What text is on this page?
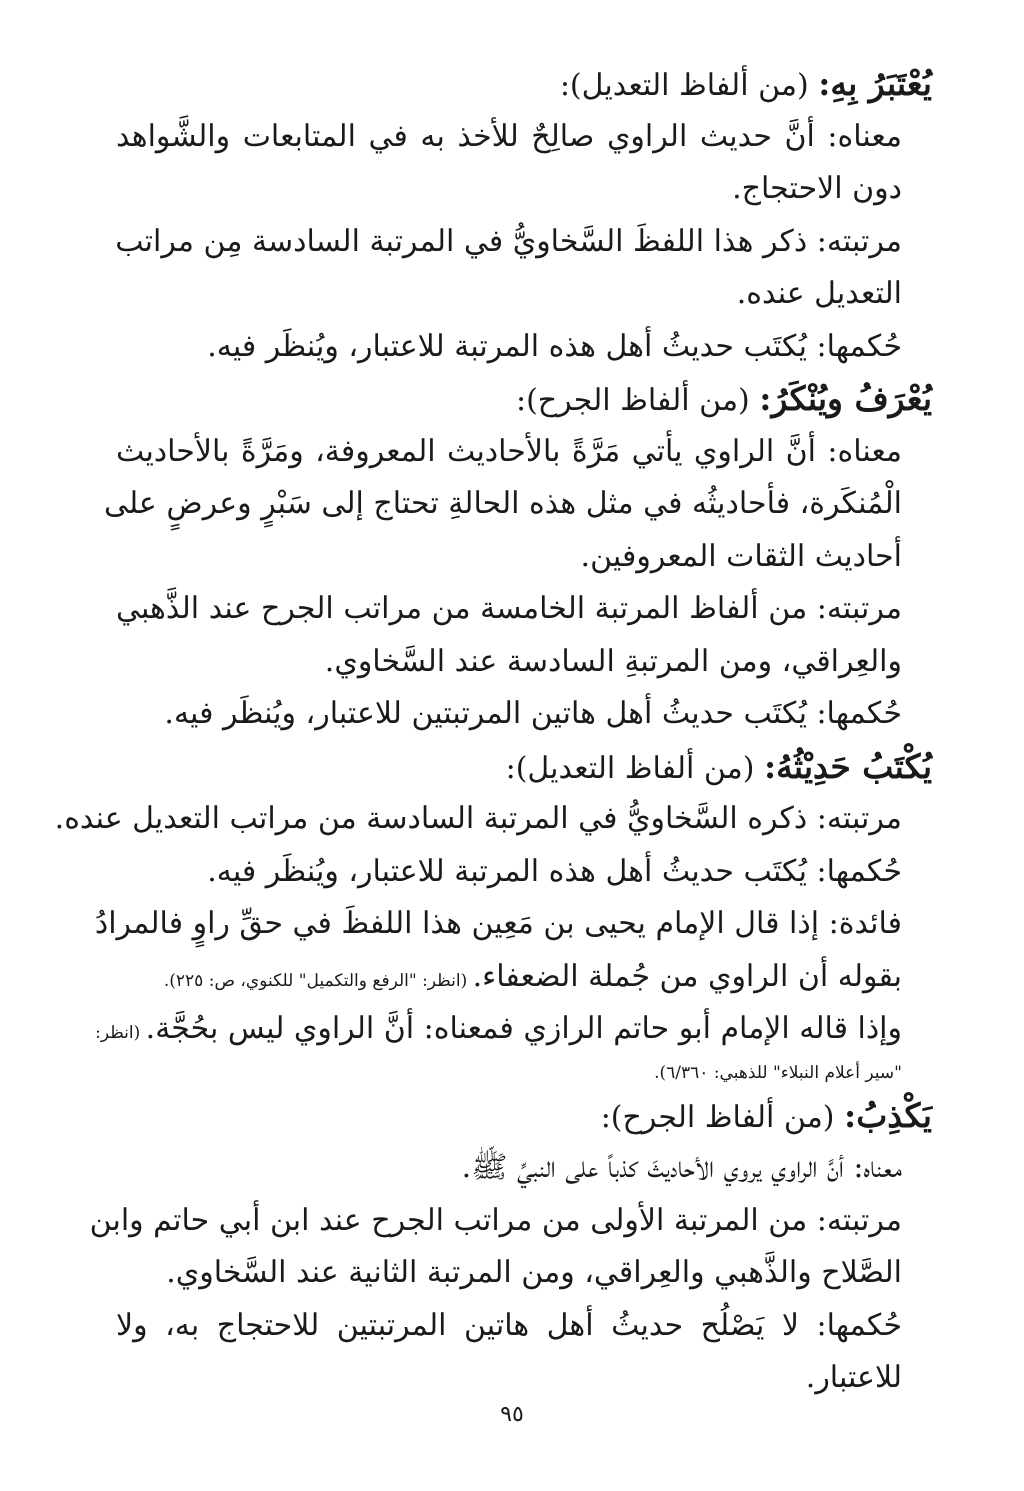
يُعْتَبَرُ بِهِ: (من ألفاظ التعديل):
معناه: أنَّ حديث الراوي صالِحٌ للأخذ به في المتابعات والشَّواهد
دون الاحتجاج.
مرتبته: ذكر هذا اللفظَ السَّخاويُّ في المرتبة السادسة مِن مراتب
التعديل عنده.
حُكمها: يُكتَب حديثُ أهل هذه المرتبة للاعتبار، ويُنظَر فيه.
يُعْرَفُ ويُنْكَرُ: (من ألفاظ الجرح):
معناه: أنَّ الراوي يأتي مَرَّةً بالأحاديث المعروفة، ومَرَّةً بالأحاديث
الْمُنكَرة، فأحاديثُه في مثل هذه الحالةِ تحتاج إلى سَبْرٍ وعرضٍ على
أحاديث الثقات المعروفين.
مرتبته: من ألفاظ المرتبة الخامسة من مراتب الجرح عند الذَّهبي
والعِراقي، ومن المرتبةِ السادسة عند السَّخاوي.
حُكمها: يُكتَب حديثُ أهل هاتين المرتبتين للاعتبار، ويُنظَر فيه.
يُكْتَبُ حَدِيْثُهُ: (من ألفاظ التعديل):
مرتبته: ذكره السَّخاويُّ في المرتبة السادسة من مراتب التعديل عنده.
حُكمها: يُكتَب حديثُ أهل هذه المرتبة للاعتبار، ويُنظَر فيه.
فائدة: إذا قال الإمام يحيى بن مَعِين هذا اللفظَ في حقِّ راوٍ فالمرادُ
بقوله أن الراوي من جُملة الضعفاء. (انظر: "الرفع والتكميل" للكنوي، ص: ٢٢٥).
وإذا قاله الإمام أبو حاتم الرازي فمعناه: أنَّ الراوي ليس بحُجَّة. (انظر:
"سير أعلام النبلاء" للذهبي: ٦/٣٦٠).
يَكْذِبُ: (من ألفاظ الجرح):
معناه: أنَّ الراوي يروي الأحاديثَ كذباً على النبيِّ ﷺ.
مرتبته: من المرتبة الأولى من مراتب الجرح عند ابن أبي حاتم وابن
الصَّلاح والذَّهبي والعِراقي، ومن المرتبة الثانية عند السَّخاوي.
حُكمها: لا يَصْلُح حديثُ أهل هاتين المرتبتين للاحتجاج به، ولا
للاعتبار.
٩٥
